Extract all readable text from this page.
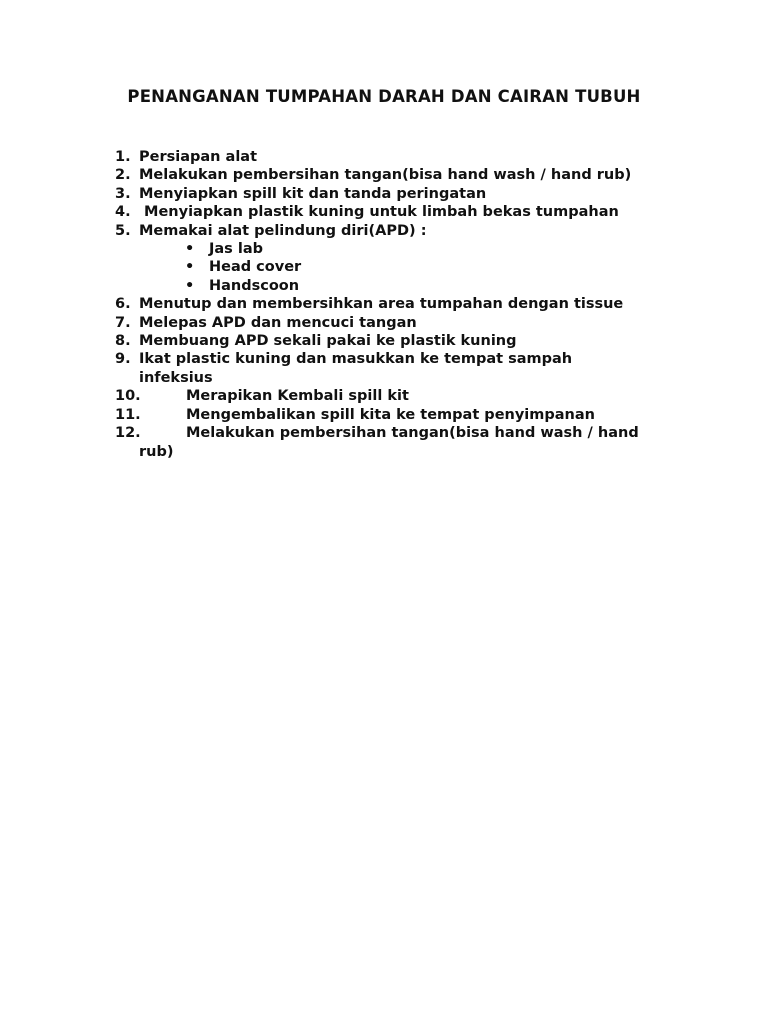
PENANGANAN TUMPAHAN DARAH DAN CAIRAN TUBUH
1. Persiapan alat
2. Melakukan pembersihan tangan(bisa hand wash / hand rub)
3. Menyiapkan spill kit dan tanda peringatan
4. Menyiapkan plastik kuning untuk limbah bekas tumpahan
5. Memakai alat pelindung diri(APD) :
• Jas lab
• Head cover
• Handscoon
6. Menutup dan membersihkan area tumpahan dengan tissue
7. Melepas APD dan mencuci tangan
8. Membuang APD sekali pakai ke plastik kuning
9. Ikat plastic kuning dan masukkan ke tempat sampah infeksius
10.	Merapikan Kembali spill kit
11.	Mengembalikan spill kita ke tempat penyimpanan
12.	Melakukan pembersihan tangan(bisa hand wash / hand rub)
